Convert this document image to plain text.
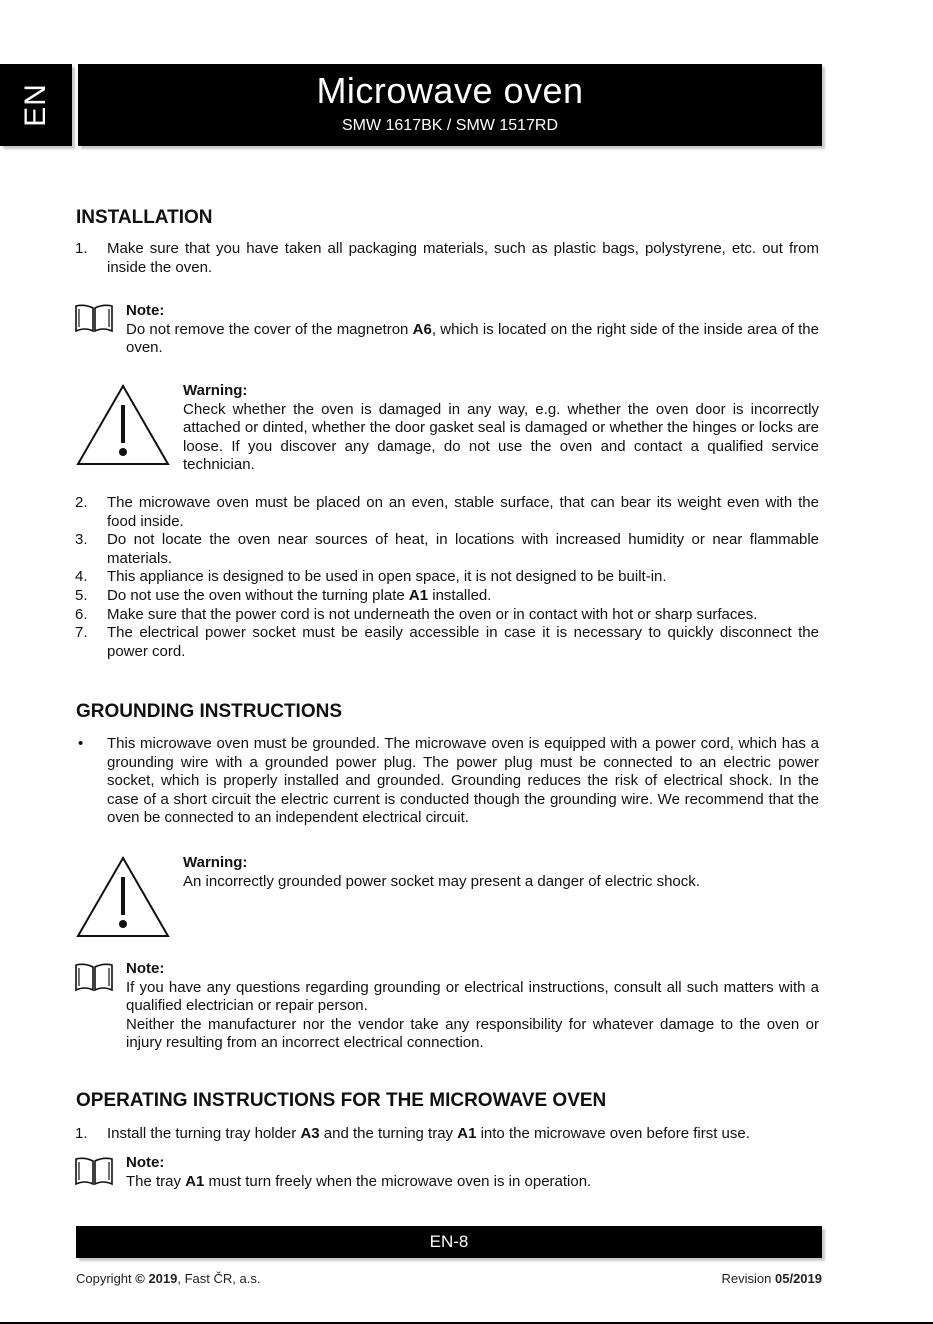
EN	Microwave oven
SMW 1617BK / SMW 1517RD
INSTALLATION
1. Make sure that you have taken all packaging materials, such as plastic bags, polystyrene, etc. out from inside the oven.

Note:

Do not remove the cover of the magnetron A6, which is located on the right side of the inside area of the oven.

Warning:

Check whether the oven is damaged in any way, e.g. whether the oven door is incorrectly attached or dinted, whether the door gasket seal is damaged or whether the hinges or locks are loose. If you discover any damage, do not use the oven and contact a qualified service technician.

2. The microwave oven must be placed on an even, stable surface, that can bear its weight even with the food inside.

3. Do not locate the oven near sources of heat, in locations with increased humidity or near flammable materials.

4. This appliance is designed to be used in open space, it is not designed to be built-in.

5. Do not use the oven without the turning plate A1 installed.

6. Make sure that the power cord is not underneath the oven or in contact with hot or sharp surfaces.

7. The electrical power socket must be easily accessible in case it is necessary to quickly disconnect the power cord.

GROUNDING INSTRUCTIONS
• This microwave oven must be grounded. The microwave oven is equipped with a power cord, which has a grounding wire with a grounded power plug. The power plug must be connected to an electric power socket, which is properly installed and grounded. Grounding reduces the risk of electrical shock. In the case of a short circuit the electric current is conducted though the grounding wire. We recommend that the oven be connected to an independent electrical circuit.

Warning:

An incorrectly grounded power socket may present a danger of electric shock.

Note:

If you have any questions regarding grounding or electrical instructions, consult all such matters with a qualified electrician or repair person.

Neither the manufacturer nor the vendor take any responsibility for whatever damage to the oven or injury resulting from an incorrect electrical connection.

OPERATING INSTRUCTIONS FOR THE MICROWAVE OVEN
1. Install the turning tray holder A3 and the turning tray A1 into the microwave oven before first use.

Note:

The tray A1 must turn freely when the microwave oven is in operation.

EN-8
Copyright © 2019, Fast ČR, a.s.	Revision 05/2019
